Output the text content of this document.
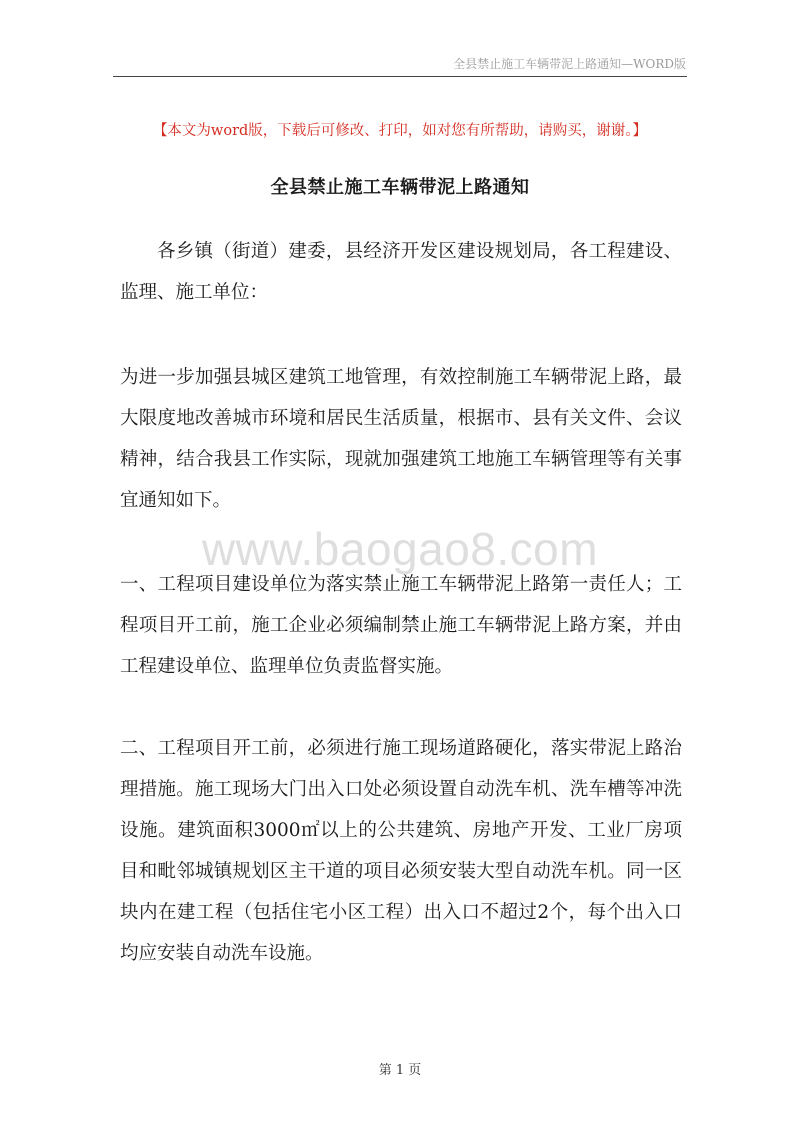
全县禁止施工车辆带泥上路通知—WORD版
【本文为word版，下载后可修改、打印，如对您有所帮助，请购买，谢谢。】
全县禁止施工车辆带泥上路通知

各乡镇（街道）建委，县经济开发区建设规划局，各工程建设、监理、施工单位：

为进一步加强县城区建筑工地管理，有效控制施工车辆带泥上路，最大限度地改善城市环境和居民生活质量，根据市、县有关文件、会议精神，结合我县工作实际，现就加强建筑工地施工车辆管理等有关事宜通知如下。

www.baogao8.com

一、工程项目建设单位为落实禁止施工车辆带泥上路第一责任人；工程项目开工前，施工企业必须编制禁止施工车辆带泥上路方案，并由工程建设单位、监理单位负责监督实施。

二、工程项目开工前，必须进行施工现场道路硬化，落实带泥上路治理措施。施工现场大门出入口处必须设置自动洗车机、洗车槽等冲洗设施。建筑面积3000㎡以上的公共建筑、房地产开发、工业厂房项目和毗邻城镇规划区主干道的项目必须安装大型自动洗车机。同一区块内在建工程（包括住宅小区工程）出入口不超过2个，每个出入口均应安装自动洗车设施。

第 1 页
